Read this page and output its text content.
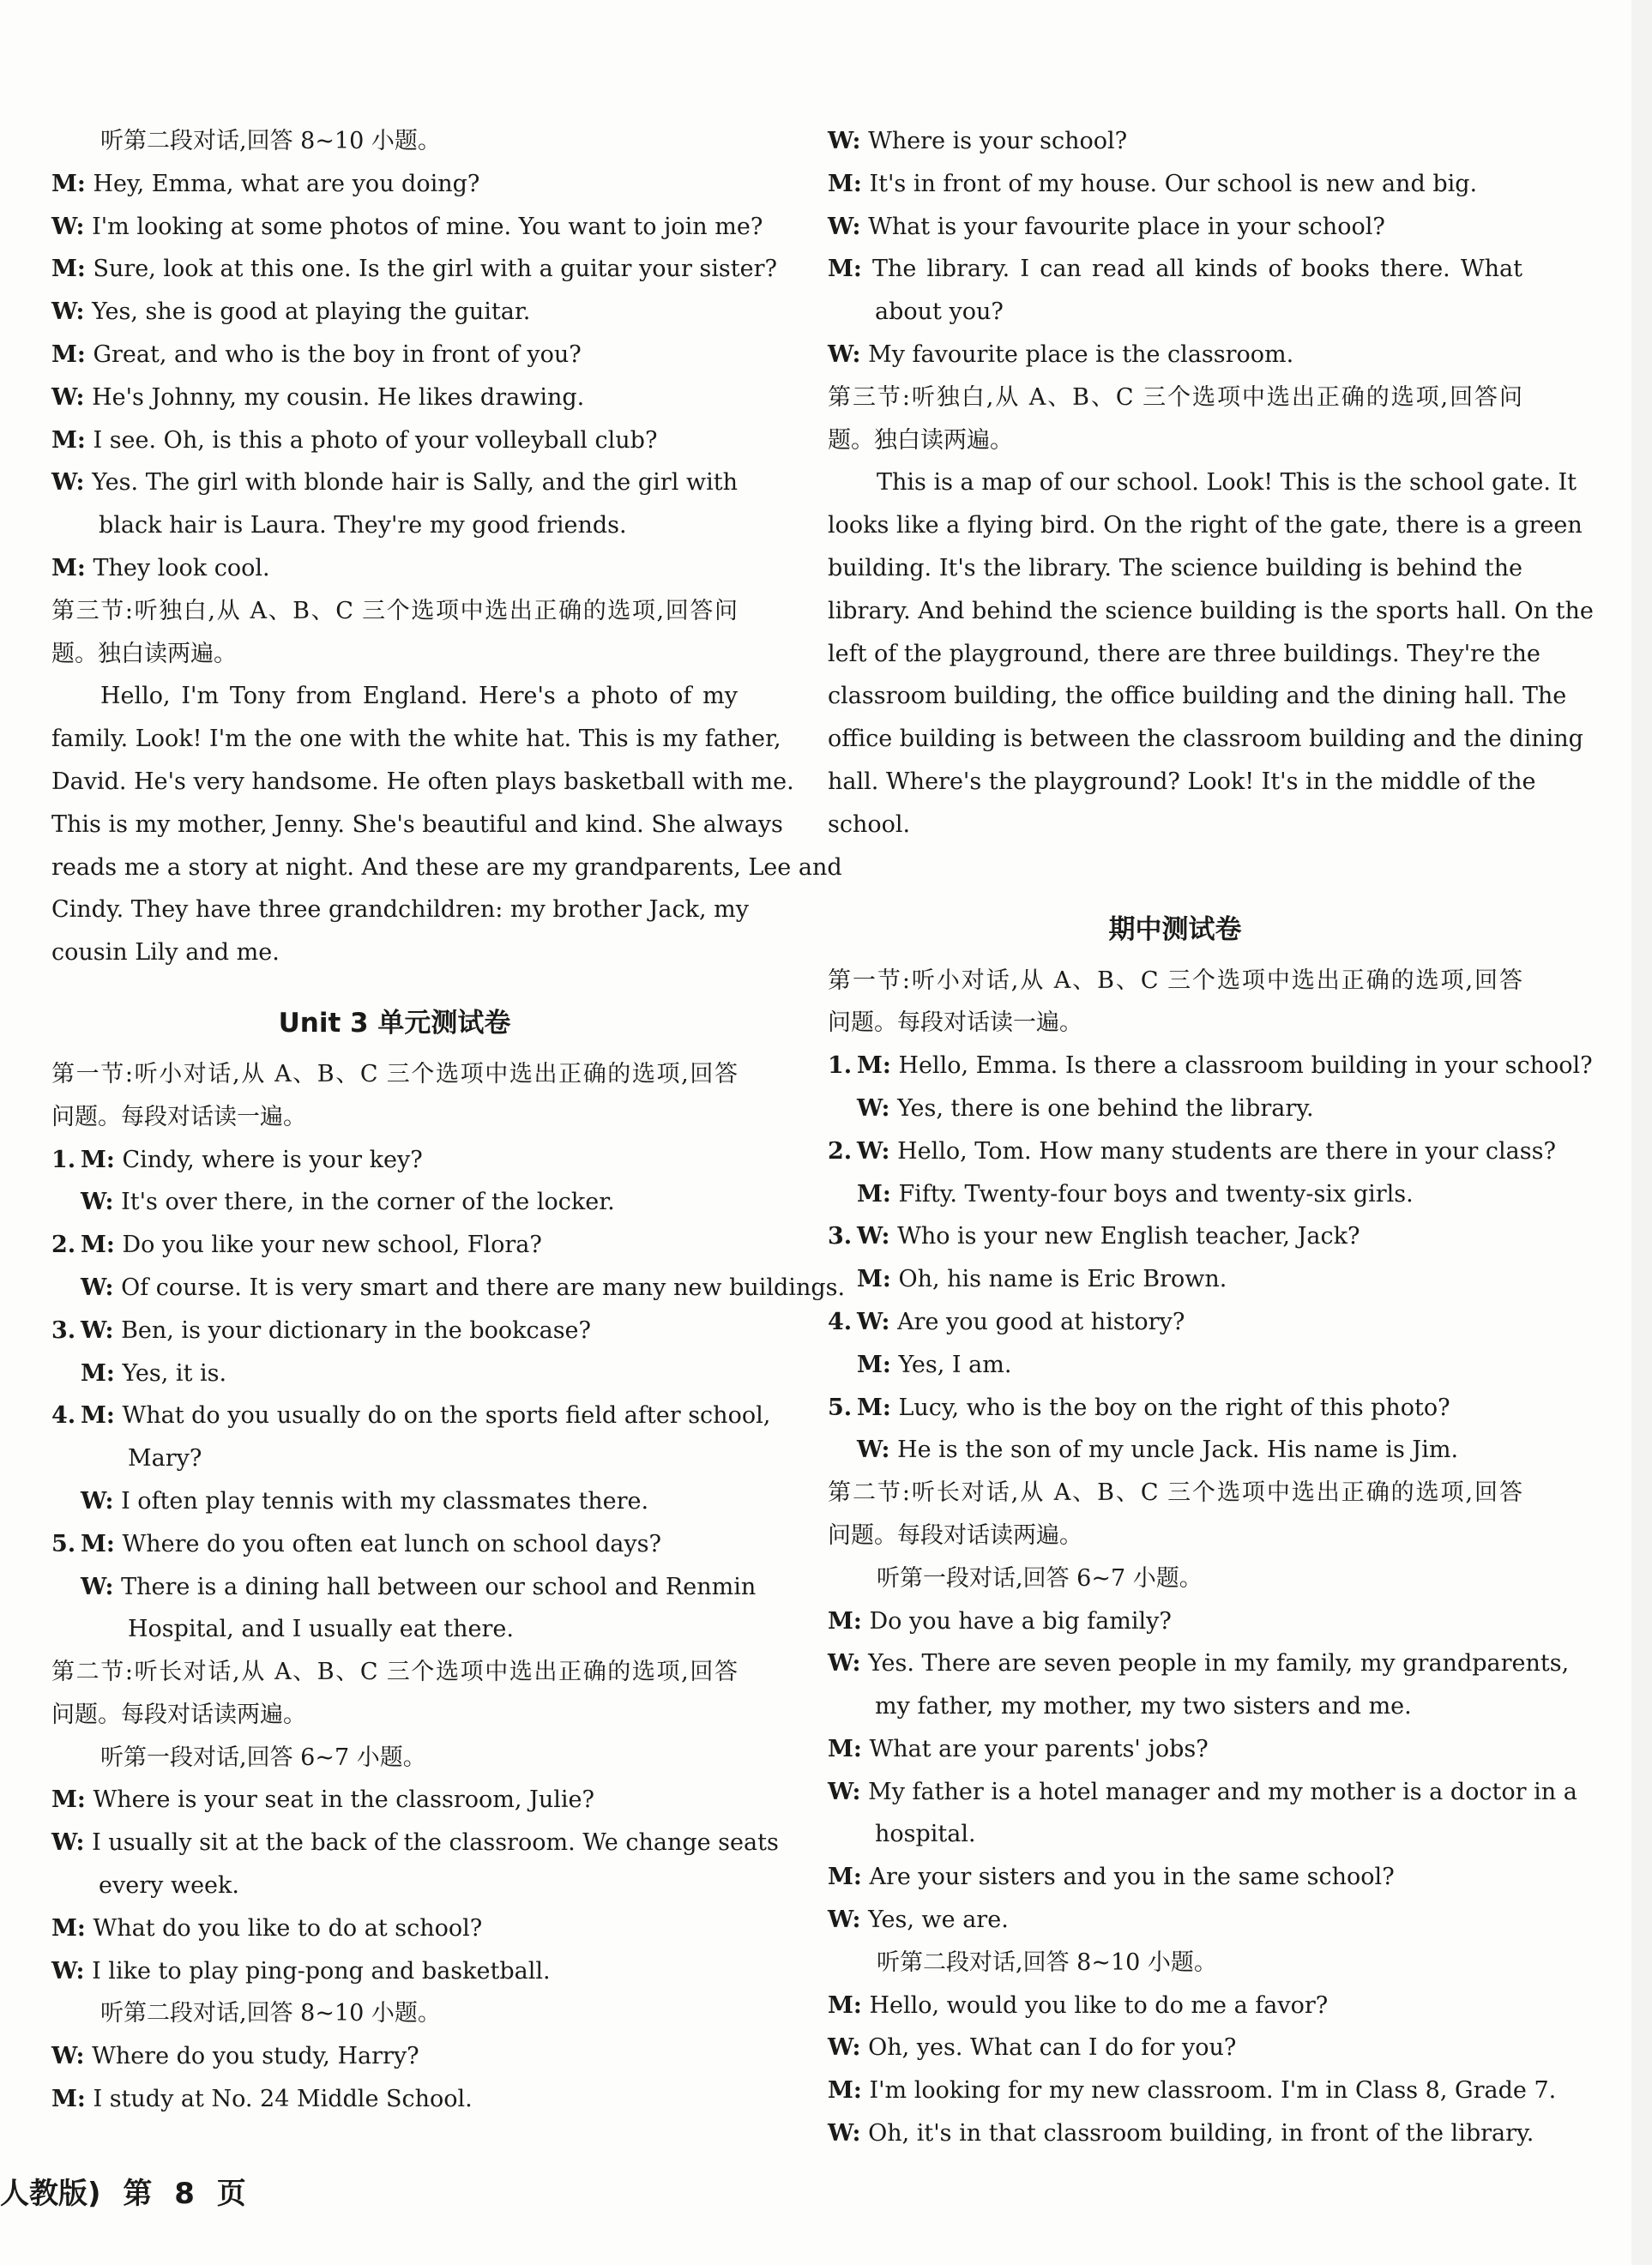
听第二段对话,回答 8~10 小题。
M: Hey, Emma, what are you doing?
W: I'm looking at some photos of mine. You want to join me?
M: Sure, look at this one. Is the girl with a guitar your sister?
W: Yes, she is good at playing the guitar.
M: Great, and who is the boy in front of you?
W: He's Johnny, my cousin. He likes drawing.
M: I see. Oh, is this a photo of your volleyball club?
W: Yes. The girl with blonde hair is Sally, and the girl with
black hair is Laura. They're my good friends.
M: They look cool.
第三节:听独白,从 A、B、C 三个选项中选出正确的选项,回答问
题。独白读两遍。
Hello, I'm Tony from England. Here's a photo of my
family. Look! I'm the one with the white hat. This is my father,
David. He's very handsome. He often plays basketball with me.
This is my mother, Jenny. She's beautiful and kind. She always
reads me a story at night. And these are my grandparents, Lee and
Cindy. They have three grandchildren: my brother Jack, my
cousin Lily and me.
Unit 3 单元测试卷
第一节:听小对话,从 A、B、C 三个选项中选出正确的选项,回答
问题。每段对话读一遍。
1. M: Cindy, where is your key?
W: It's over there, in the corner of the locker.
2. M: Do you like your new school, Flora?
W: Of course. It is very smart and there are many new buildings.
3. W: Ben, is your dictionary in the bookcase?
M: Yes, it is.
4. M: What do you usually do on the sports field after school,
Mary?
W: I often play tennis with my classmates there.
5. M: Where do you often eat lunch on school days?
W: There is a dining hall between our school and Renmin
Hospital, and I usually eat there.
第二节:听长对话,从 A、B、C 三个选项中选出正确的选项,回答
问题。每段对话读两遍。
听第一段对话,回答 6~7 小题。
M: Where is your seat in the classroom, Julie?
W: I usually sit at the back of the classroom. We change seats
every week.
M: What do you like to do at school?
W: I like to play ping-pong and basketball.
听第二段对话,回答 8~10 小题。
W: Where do you study, Harry?
M: I study at No. 24 Middle School.
W: Where is your school?
M: It's in front of my house. Our school is new and big.
W: What is your favourite place in your school?
M: The library. I can read all kinds of books there. What
about you?
W: My favourite place is the classroom.
第三节:听独白,从 A、B、C 三个选项中选出正确的选项,回答问
题。独白读两遍。
This is a map of our school. Look! This is the school gate. It
looks like a flying bird. On the right of the gate, there is a green
building. It's the library. The science building is behind the
library. And behind the science building is the sports hall. On the
left of the playground, there are three buildings. They're the
classroom building, the office building and the dining hall. The
office building is between the classroom building and the dining
hall. Where's the playground? Look! It's in the middle of the
school.
期中测试卷
第一节:听小对话,从 A、B、C 三个选项中选出正确的选项,回答
问题。每段对话读一遍。
1. M: Hello, Emma. Is there a classroom building in your school?
W: Yes, there is one behind the library.
2. W: Hello, Tom. How many students are there in your class?
M: Fifty. Twenty-four boys and twenty-six girls.
3. W: Who is your new English teacher, Jack?
M: Oh, his name is Eric Brown.
4. W: Are you good at history?
M: Yes, I am.
5. M: Lucy, who is the boy on the right of this photo?
W: He is the son of my uncle Jack. His name is Jim.
第二节:听长对话,从 A、B、C 三个选项中选出正确的选项,回答
问题。每段对话读两遍。
听第一段对话,回答 6~7 小题。
M: Do you have a big family?
W: Yes. There are seven people in my family, my grandparents,
my father, my mother, my two sisters and me.
M: What are your parents' jobs?
W: My father is a hotel manager and my mother is a doctor in a
hospital.
M: Are your sisters and you in the same school?
W: Yes, we are.
听第二段对话,回答 8~10 小题。
M: Hello, would you like to do me a favor?
W: Oh, yes. What can I do for you?
M: I'm looking for my new classroom. I'm in Class 8, Grade 7.
W: Oh, it's in that classroom building, in front of the library.
人教版) 第 8 页
